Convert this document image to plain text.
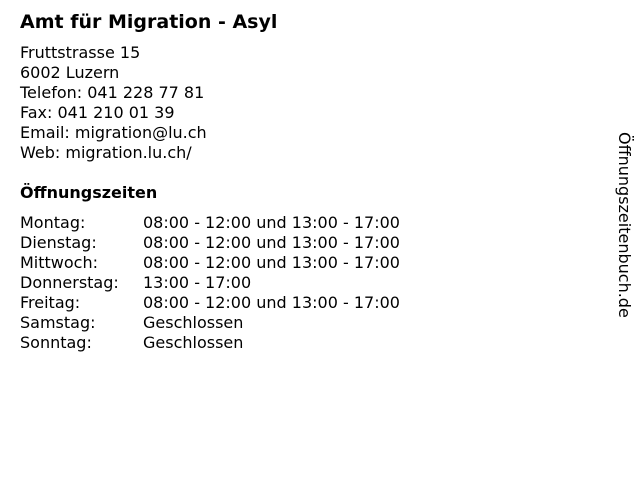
Amt für Migration - Asyl
Fruttstrasse 15
6002 Luzern
Telefon: 041 228 77 81
Fax: 041 210 01 39
Email: migration@lu.ch
Web: migration.lu.ch/
Öffnungszeiten
Montag:	08:00 - 12:00 und 13:00 - 17:00
Dienstag:	08:00 - 12:00 und 13:00 - 17:00
Mittwoch:	08:00 - 12:00 und 13:00 - 17:00
Donnerstag: 13:00 - 17:00
Freitag:	08:00 - 12:00 und 13:00 - 17:00
Samstag:	Geschlossen
Sonntag:	Geschlossen
Öffnungszeitenbuch.de
